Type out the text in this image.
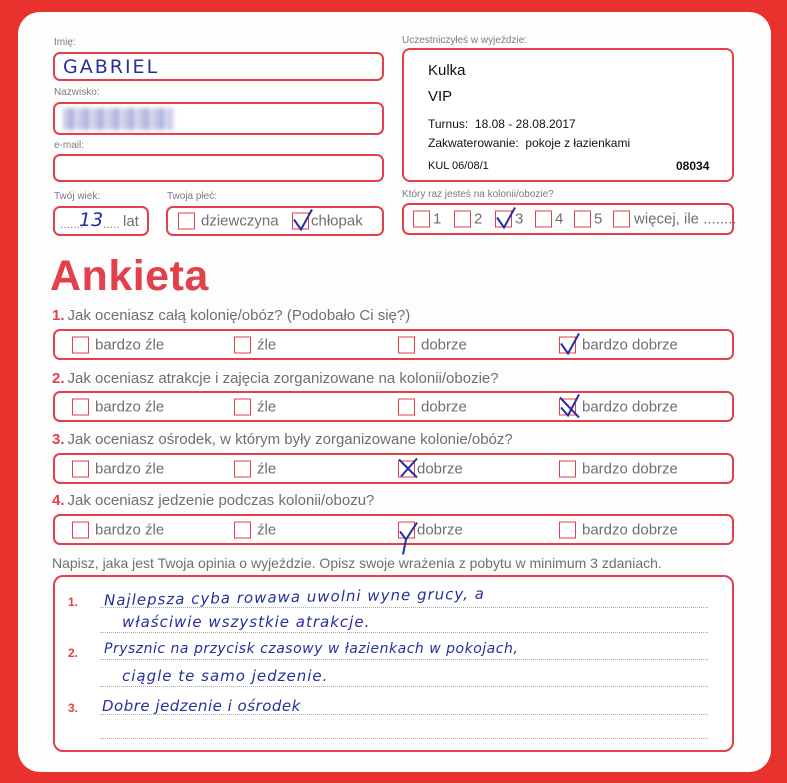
Imię:
GABRIEL
Nazwisko:
e-mail:
Twój wiek:
.......
13 ..... lat
Twoja płeć:
dziewczyna chłopak
Uczestniczyłeś w wyjeździe:
Kulka
VIP
Turnus: 18.08 - 28.08.2017
Zakwaterowanie: pokoje z łazienkami
KUL 06/08/1	08034
Który raz jesteś na kolonii/obozie?
1 2 3 4 5 więcej, ile ........
Ankieta
1. Jak oceniasz całą kolonię/obóz? (Podobało Ci się?)
bardzo źle	źle	dobrze	bardzo dobrze
2. Jak oceniasz atrakcje i zajęcia zorganizowane na kolonii/obozie?
bardzo źle	źle	dobrze	bardzo dobrze
3. Jak oceniasz ośrodek, w którym były zorganizowane kolonie/obóz?
bardzo źle	źle	dobrze	bardzo dobrze
4. Jak oceniasz jedzenie podczas kolonii/obozu?
bardzo źle	źle	dobrze	bardzo dobrze
Napisz, jaka jest Twoja opinia o wyjeździe. Opisz swoje wrażenia z pobytu w minimum 3 zdaniach.
1.
2.
3.
Najlepsza cyba rowawa uwolni wyne grucy, a
właściwie wszystkie atrakcje.
Prysznic na przycisk czasowy w łazienkach w pokojach,
ciągle te samo jedzenie.
Dobre jedzenie i ośrodek
